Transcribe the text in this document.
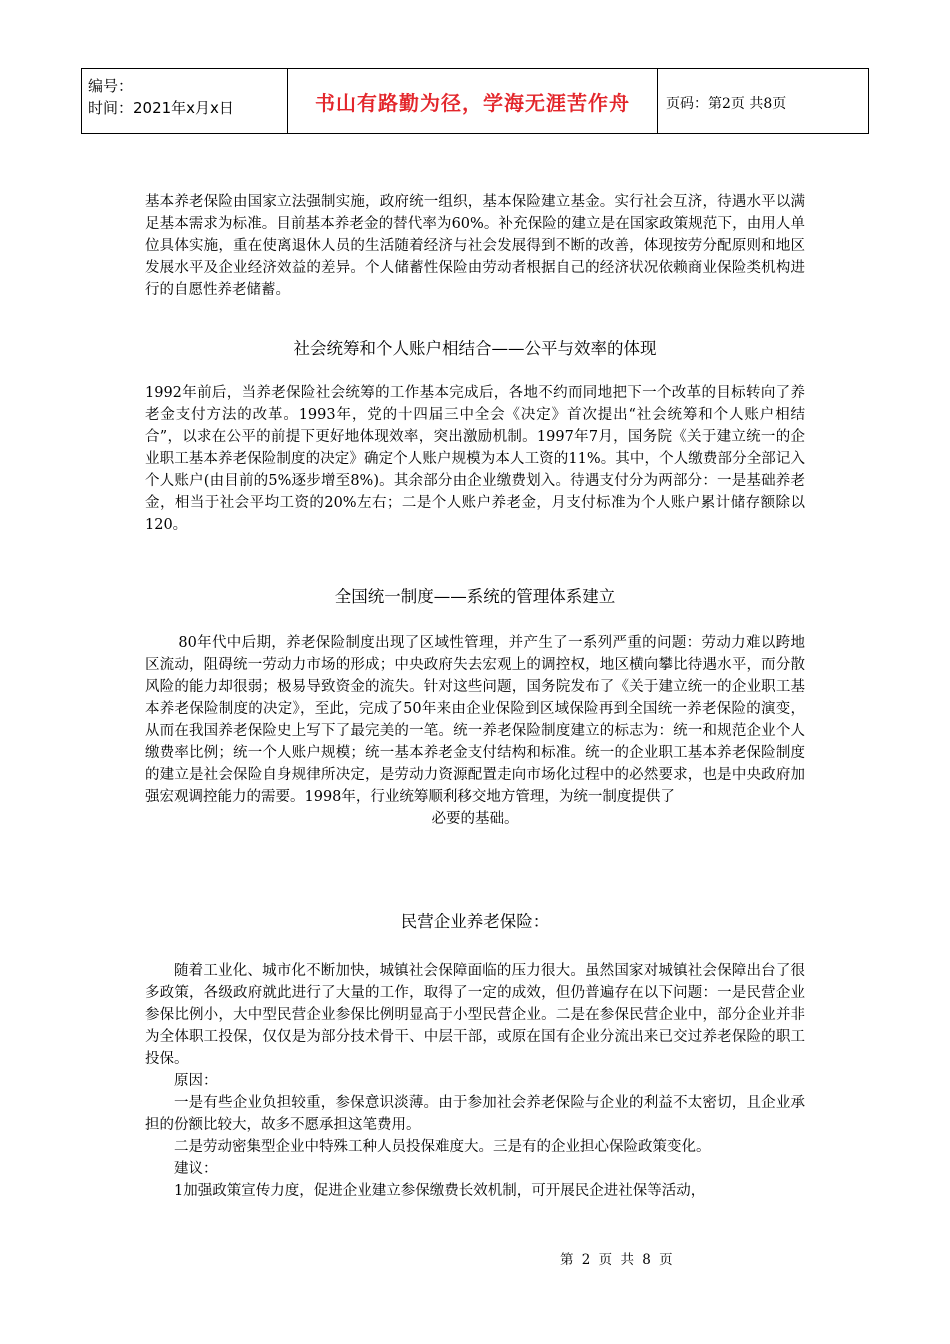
编号：
时间：2021年x月x日	书山有路勤为径，学海无涯苦作舟	页码：第2页 共8页

基本养老保险由国家立法强制实施，政府统一组织，基本保险建立基金。实行社会互济，待遇水平以满足基本需求为标准。目前基本养老金的替代率为60%。补充保险的建立是在国家政策规范下，由用人单位具体实施，重在使离退休人员的生活随着经济与社会发展得到不断的改善，体现按劳分配原则和地区发展水平及企业经济效益的差异。个人储蓄性保险由劳动者根据自己的经济状况依赖商业保险类机构进行的自愿性养老储蓄。

社会统筹和个人账户相结合——公平与效率的体现

1992年前后，当养老保险社会统筹的工作基本完成后，各地不约而同地把下一个改革的目标转向了养老金支付方法的改革。1993年，党的十四届三中全会《决定》首次提出“社会统筹和个人账户相结合”，以求在公平的前提下更好地体现效率，突出激励机制。1997年7月，国务院《关于建立统一的企业职工基本养老保险制度的决定》确定个人账户规模为本人工资的11%。其中，个人缴费部分全部记入个人账户(由目前的5%逐步增至8%)。其余部分由企业缴费划入。待遇支付分为两部分：一是基础养老金，相当于社会平均工资的20%左右；二是个人账户养老金，月支付标准为个人账户累计储存额除以120。

全国统一制度——系统的管理体系建立

80年代中后期，养老保险制度出现了区域性管理，并产生了一系列严重的问题：劳动力难以跨地区流动，阻碍统一劳动力市场的形成；中央政府失去宏观上的调控权，地区横向攀比待遇水平，而分散风险的能力却很弱；极易导致资金的流失。针对这些问题，国务院发布了《关于建立统一的企业职工基本养老保险制度的决定》，至此，完成了50年来由企业保险到区域保险再到全国统一养老保险的演变，从而在我国养老保险史上写下了最完美的一笔。统一养老保险制度建立的标志为：统一和规范企业个人缴费率比例；统一个人账户规模；统一基本养老金支付结构和标准。统一的企业职工基本养老保险制度的建立是社会保险自身规律所决定，是劳动力资源配置走向市场化过程中的必然要求，也是中央政府加强宏观调控能力的需要。1998年，行业统筹顺利移交地方管理，为统一制度提供了

必要的基础。

民营企业养老保险：

随着工业化、城市化不断加快，城镇社会保障面临的压力很大。虽然国家对城镇社会保障出台了很多政策，各级政府就此进行了大量的工作，取得了一定的成效，但仍普遍存在以下问题：一是民营企业参保比例小，大中型民营企业参保比例明显高于小型民营企业。二是在参保民营企业中，部分企业并非为全体职工投保，仅仅是为部分技术骨干、中层干部，或原在国有企业分流出来已交过养老保险的职工投保。

原因：

一是有些企业负担较重，参保意识淡薄。由于参加社会养老保险与企业的利益不太密切，且企业承担的份额比较大，故多不愿承担这笔费用。

二是劳动密集型企业中特殊工种人员投保难度大。三是有的企业担心保险政策变化。

建议：

1加强政策宣传力度，促进企业建立参保缴费长效机制，可开展民企进社保等活动，

第 2 页 共 8 页
